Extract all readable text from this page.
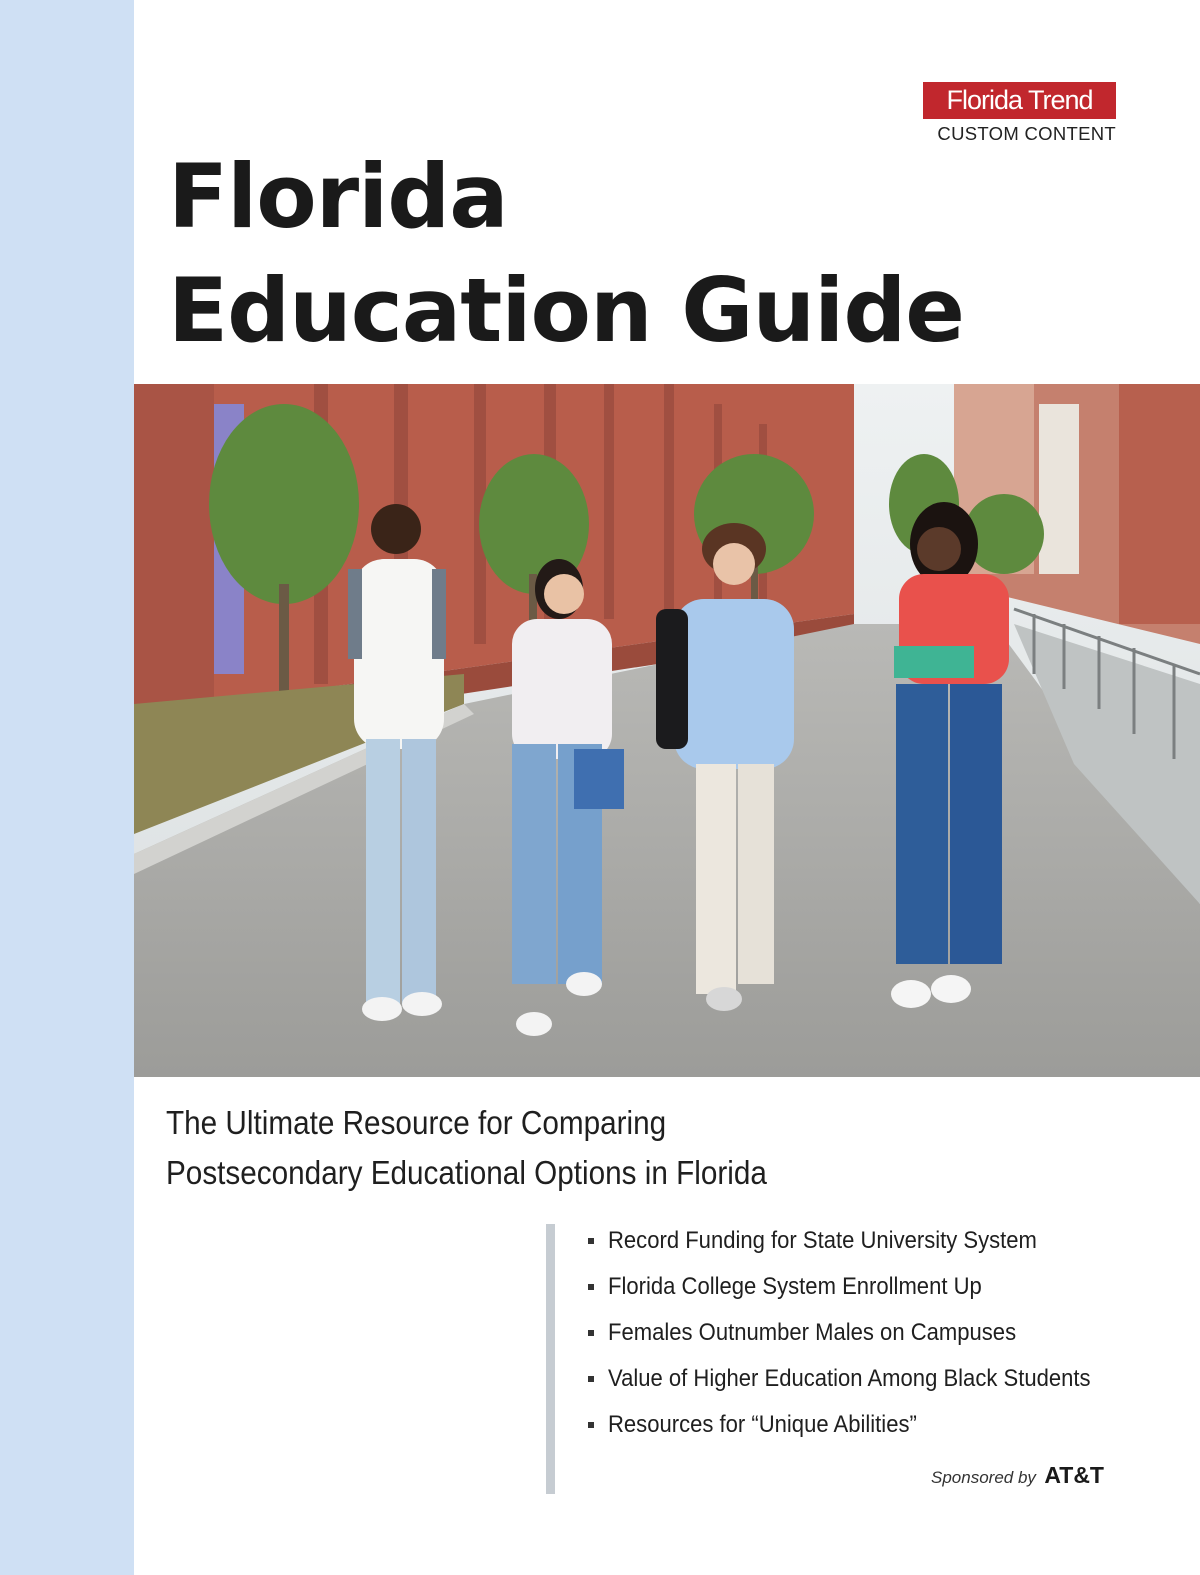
Florida Trend
CUSTOM CONTENT
Florida
Education Guide
The Ultimate Resource for Comparing
Postsecondary Educational Options in Florida
Record Funding for State University System
Florida College System Enrollment Up
Females Outnumber Males on Campuses
Value of Higher Education Among Black Students
Resources for “Unique Abilities”
Sponsored by AT&T
